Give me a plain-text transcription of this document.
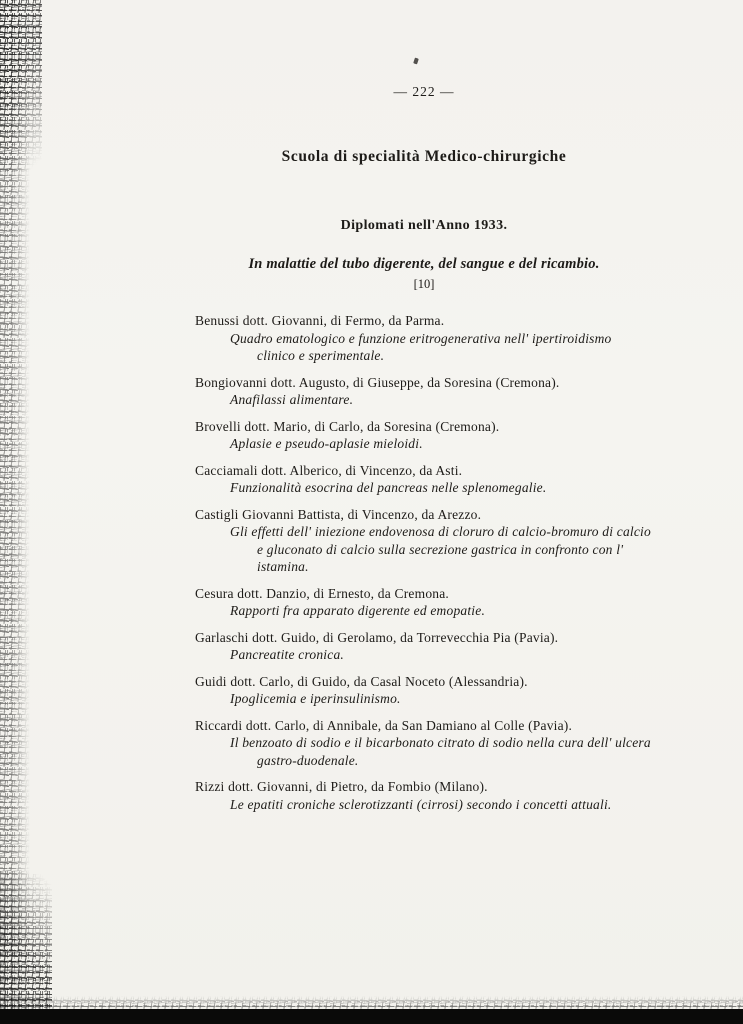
— 222 —
Scuola di specialità Medico-chirurgiche
Diplomati nell'Anno 1933.
In malattie del tubo digerente, del sangue e del ricambio.
[10]
Benussi dott. Giovanni, di Fermo, da Parma.
Quadro ematologico e funzione eritrogenerativa nell' ipertiroidismo clinico e sperimentale.
Bongiovanni dott. Augusto, di Giuseppe, da Soresina (Cremona).
Anafilassi alimentare.
Brovelli dott. Mario, di Carlo, da Soresina (Cremona).
Aplasie e pseudo-aplasie mieloidi.
Cacciamali dott. Alberico, di Vincenzo, da Asti.
Funzionalità esocrina del pancreas nelle splenomegalie.
Castigli Giovanni Battista, di Vincenzo, da Arezzo.
Gli effetti dell' iniezione endovenosa di cloruro di calcio-bromuro di calcio e gluconato di calcio sulla secrezione gastrica in confronto con l' istamina.
Cesura dott. Danzio, di Ernesto, da Cremona.
Rapporti fra apparato digerente ed emopatie.
Garlaschi dott. Guido, di Gerolamo, da Torrevecchia Pia (Pavia).
Pancreatite cronica.
Guidi dott. Carlo, di Guido, da Casal Noceto (Alessandria).
Ipoglicemia e iperinsulinismo.
Riccardi dott. Carlo, di Annibale, da San Damiano al Colle (Pavia).
Il benzoato di sodio e il bicarbonato citrato di sodio nella cura dell' ulcera gastro-duodenale.
Rizzi dott. Giovanni, di Pietro, da Fombio (Milano).
Le epatiti croniche sclerotizzanti (cirrosi) secondo i concetti attuali.
